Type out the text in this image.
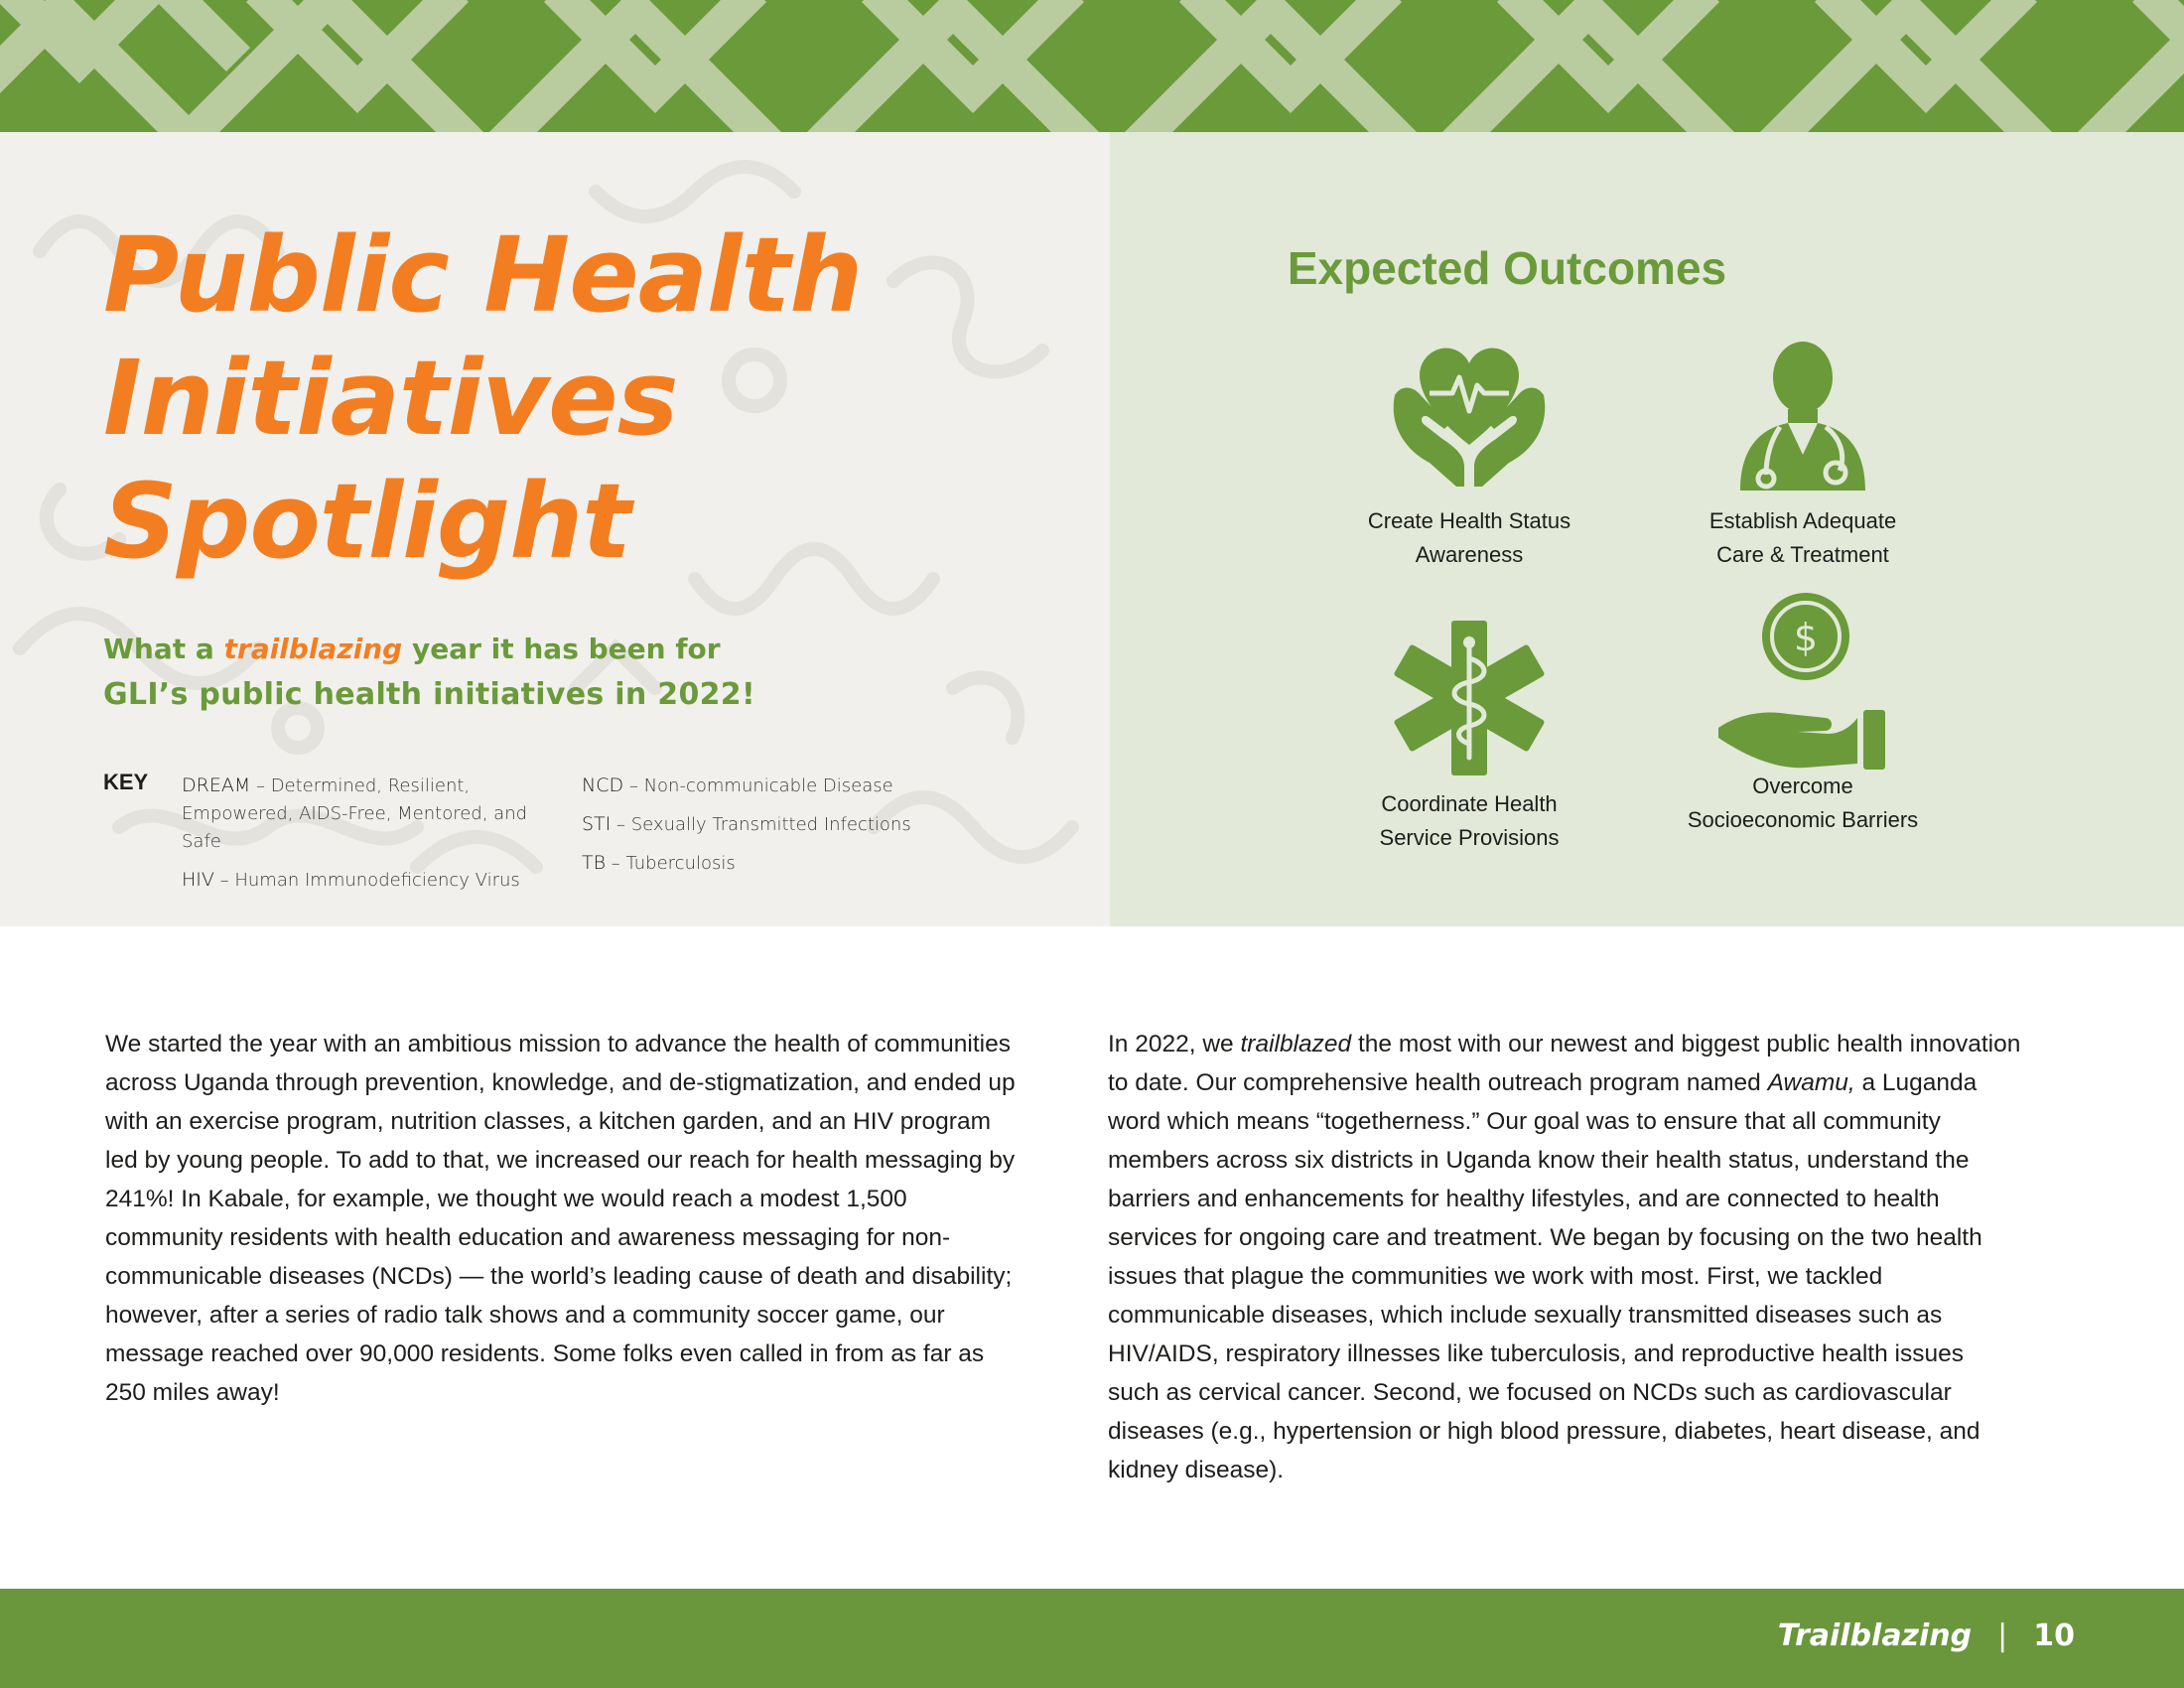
Public Health
Initiatives
Spotlight
What a trailblazing year it has been for
GLI’s public health initiatives in 2022!
KEY DREAM – Determined, Resilient, Empowered, AIDS-Free, Mentored, and Safe
HIV – Human Immunodeficiency Virus
NCD – Non-communicable Disease
STI – Sexually Transmitted Infections
TB – Tuberculosis
Expected Outcomes
Create Health Status
Awareness
Establish Adequate
Care & Treatment
Coordinate Health
Service Provisions
$
Overcome
Socioeconomic Barriers
We started the year with an ambitious mission to advance the health of communities across Uganda through prevention, knowledge, and de-stigmatization, and ended up with an exercise program, nutrition classes, a kitchen garden, and an HIV program led by young people. To add to that, we increased our reach for health messaging by 241%! In Kabale, for example, we thought we would reach a modest 1,500 community residents with health education and awareness messaging for non-communicable diseases (NCDs) — the world’s leading cause of death and disability; however, after a series of radio talk shows and a community soccer game, our message reached over 90,000 residents. Some folks even called in from as far as 250 miles away!
In 2022, we trailblazed the most with our newest and biggest public health innovation to date. Our comprehensive health outreach program named Awamu, a Luganda word which means “togetherness.” Our goal was to ensure that all community members across six districts in Uganda know their health status, understand the barriers and enhancements for healthy lifestyles, and are connected to health services for ongoing care and treatment. We began by focusing on the two health issues that plague the communities we work with most. First, we tackled communicable diseases, which include sexually transmitted diseases such as HIV/AIDS, respiratory illnesses like tuberculosis, and reproductive health issues such as cervical cancer. Second, we focused on NCDs such as cardiovascular diseases (e.g., hypertension or high blood pressure, diabetes, heart disease, and kidney disease).
Trailblazing | 10
